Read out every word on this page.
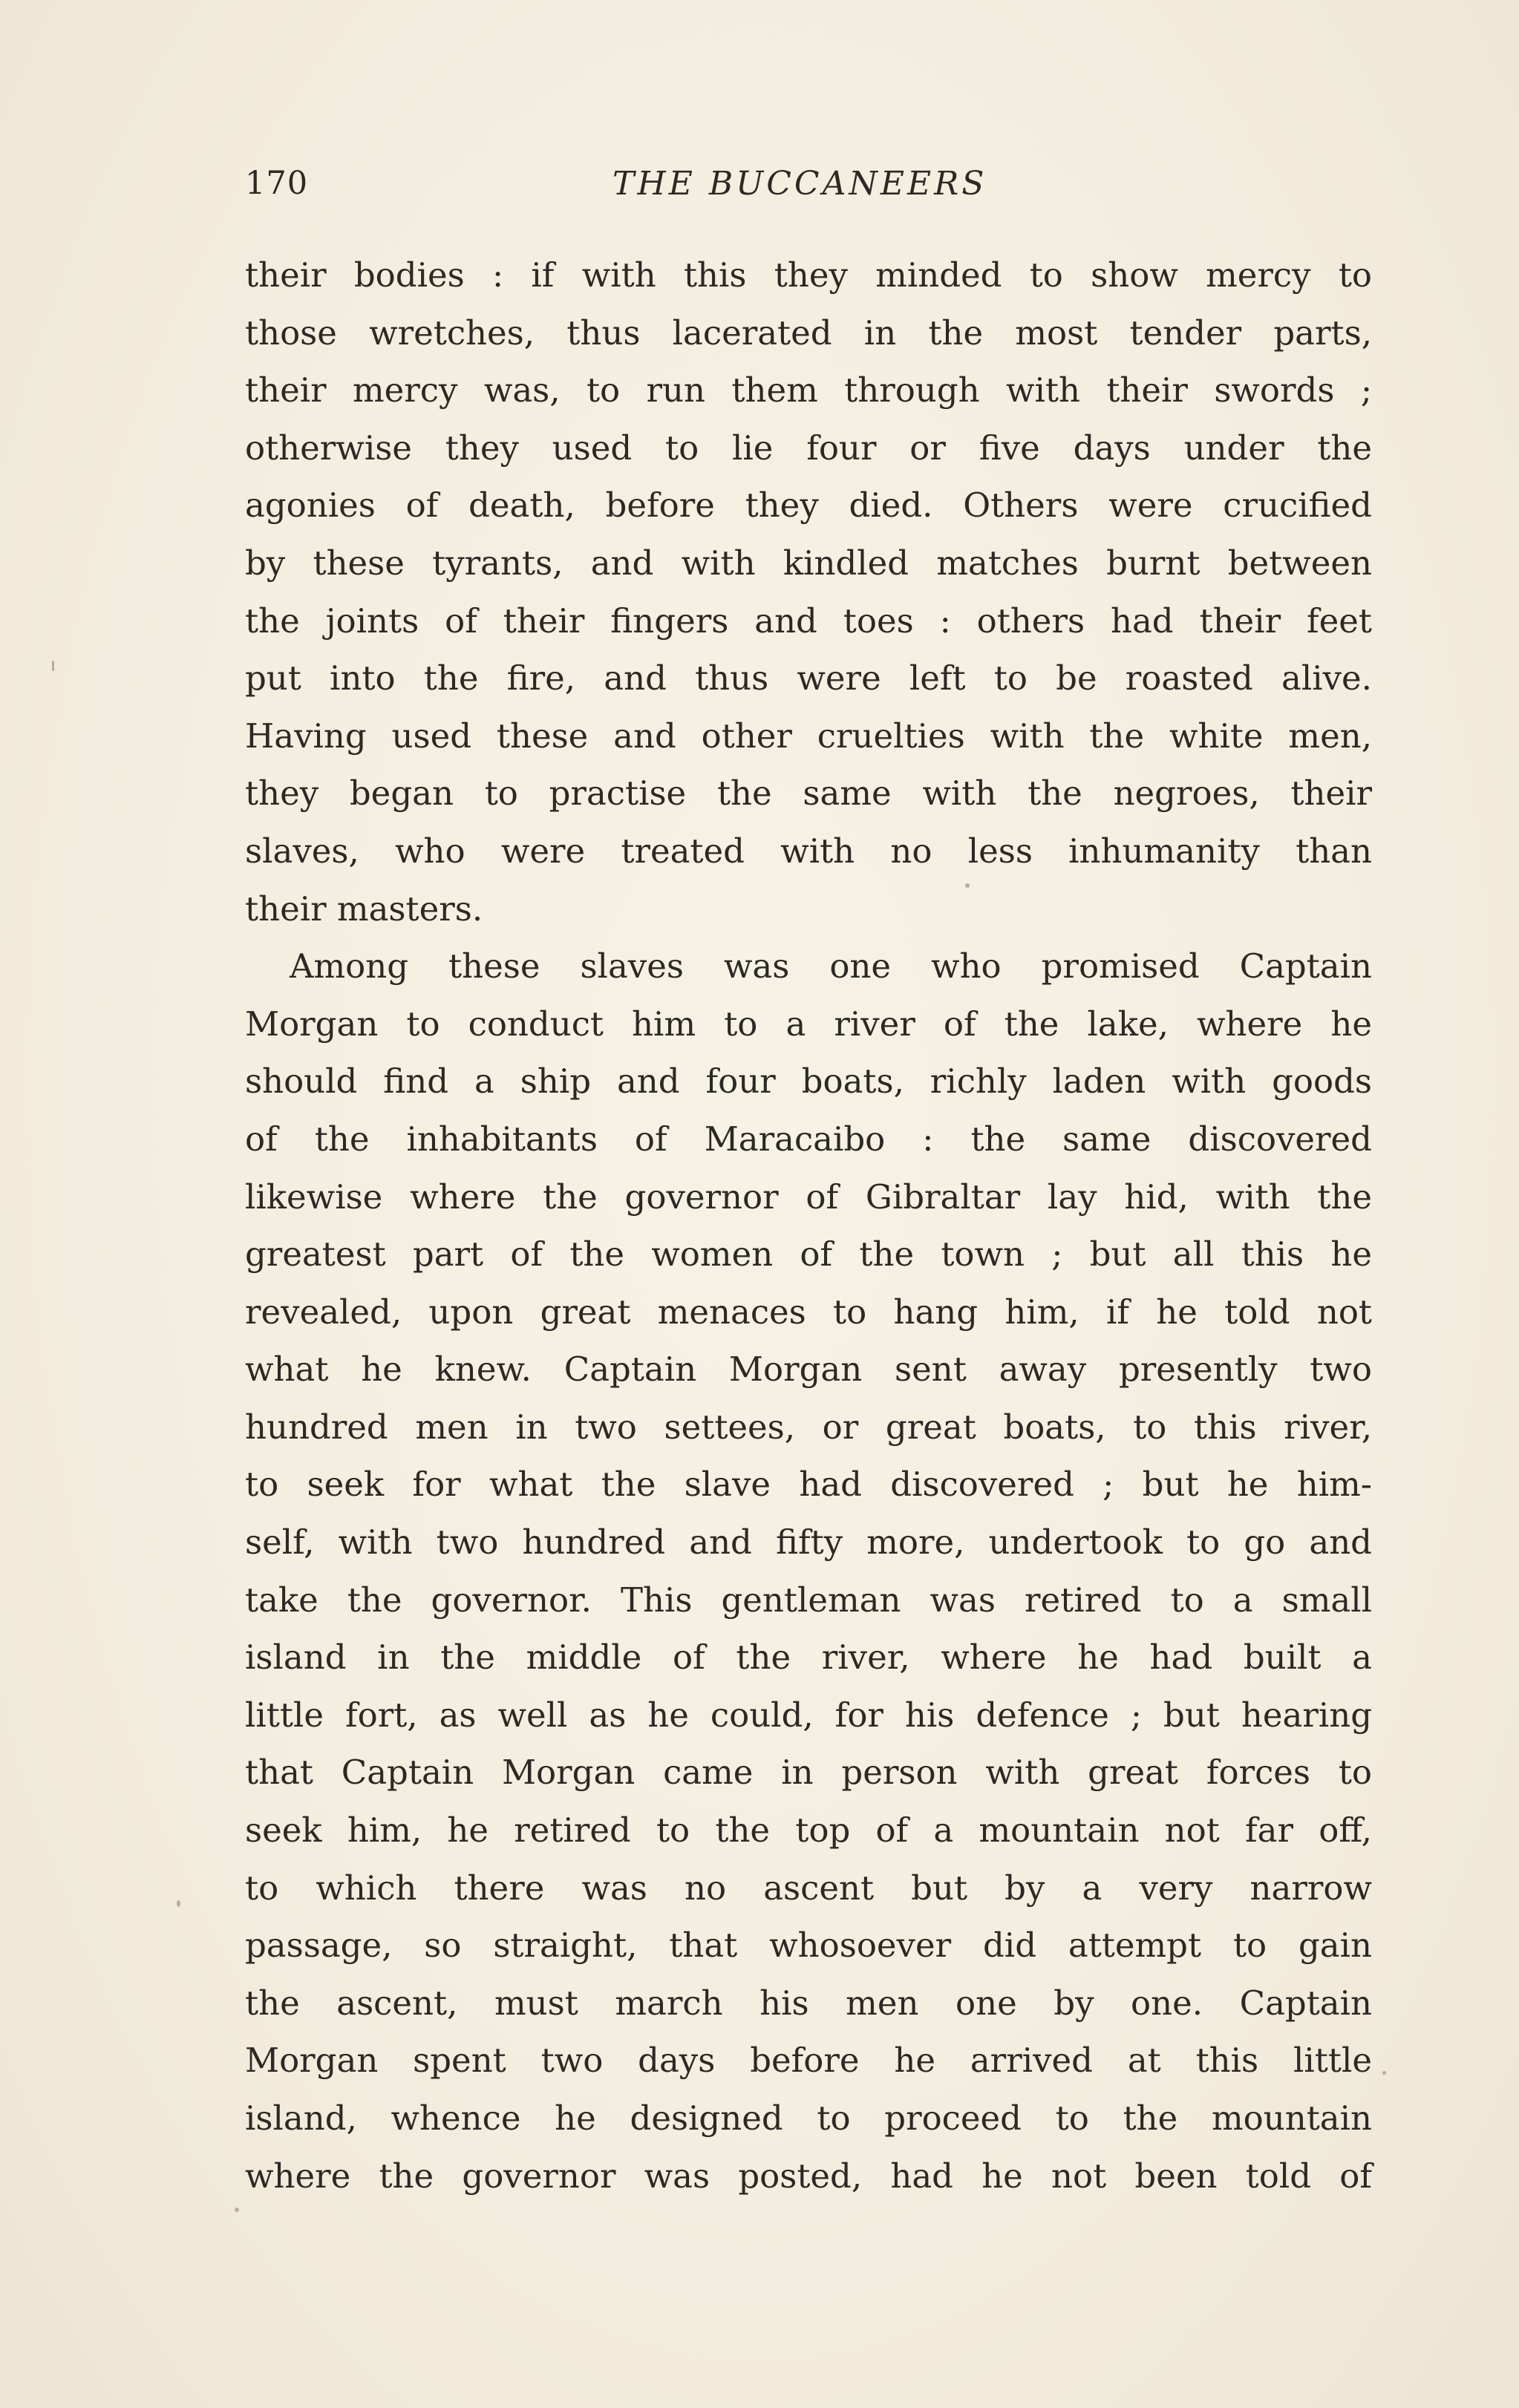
170	THE BUCCANEERS
their bodies : if with this they minded to show mercy to
those wretches, thus lacerated in the most tender parts,
their mercy was, to run them through with their swords ;
otherwise they used to lie four or five days under the
agonies of death, before they died. Others were crucified
by these tyrants, and with kindled matches burnt between
the joints of their fingers and toes : others had their feet
put into the fire, and thus were left to be roasted alive.
Having used these and other cruelties with the white men,
they began to practise the same with the negroes, their
slaves, who were treated with no less inhumanity than
their masters.
Among these slaves was one who promised Captain
Morgan to conduct him to a river of the lake, where he
should find a ship and four boats, richly laden with goods
of the inhabitants of Maracaibo : the same discovered
likewise where the governor of Gibraltar lay hid, with the
greatest part of the women of the town ; but all this he
revealed, upon great menaces to hang him, if he told not
what he knew. Captain Morgan sent away presently two
hundred men in two settees, or great boats, to this river,
to seek for what the slave had discovered ; but he him-
self, with two hundred and fifty more, undertook to go and
take the governor. This gentleman was retired to a small
island in the middle of the river, where he had built a
little fort, as well as he could, for his defence ; but hearing
that Captain Morgan came in person with great forces to
seek him, he retired to the top of a mountain not far off,
to which there was no ascent but by a very narrow
passage, so straight, that whosoever did attempt to gain
the ascent, must march his men one by one. Captain
Morgan spent two days before he arrived at this little
island, whence he designed to proceed to the mountain
where the governor was posted, had he not been told of
